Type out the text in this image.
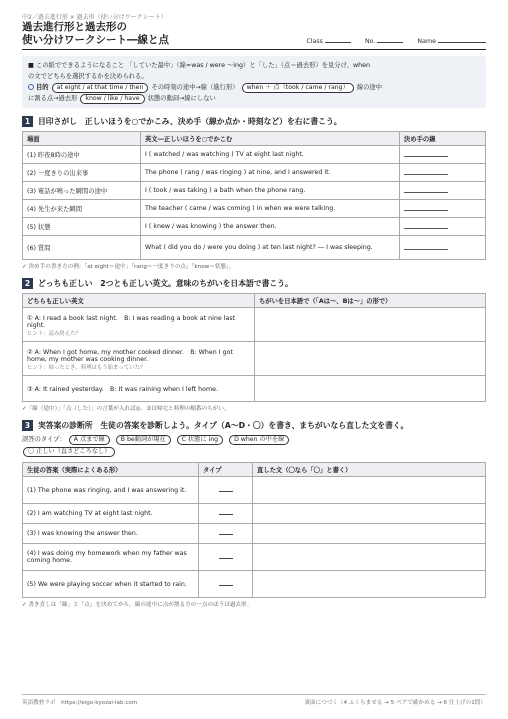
中2／過去進行形 × 過去形（使い分けワークシート）
過去進行形と過去形の
使い分けワークシート―線と点	Class	No.	Name
■ この紙でできるようになること 「していた最中」（線=was / were ～ing）と「した」（点＝過去形）を見分け、when
の文でどちらを選択するかを決められる。
目的 at eight / at that time / then その時刻の途中→線（進行形） when ＋ 点（took / came / rang） 線の途中
に割る点→過去形 know / like / have 状態の動詞→線にしない
1	目印さがし　正しいほうを○でかこみ、決め手（線か点か・時刻など）を右に書こう。
場面	英文―正しいほうを○でかこむ	決め手の線
(1) 昨夜8時の途中	I ( watched / was watching ) TV at eight last night.	
(2) 一度きりの出来事	The phone ( rang / was ringing ) at nine, and I answered it.	
(3) 電話が鳴った瞬間の途中	I ( took / was taking ) a bath when the phone rang.	
(4) 先生が来た瞬間	The teacher ( came / was coming ) in when we were talking.	
(5) 状態	I ( knew / was knowing ) the answer then.	
(6) 質問	What ( did you do / were you doing ) at ten last night? ― I was sleeping.	
✓ 決め手の書き方の例：「at eight＝途中」「rang＝一度きりの点」「know＝状態」。
2	どっちも正しい　2つとも正しい英文。意味のちがいを日本語で書こう。
どちらも正しい英文	ちがいを日本語で（「Aは～、Bは～」の形で）

① A: I read a book last night.　B: I was reading a book at nine last night.
ヒント：読み終えた？	

② A: When I got home, my mother cooked dinner.　B: When I got home, my mother was cooking dinner.
ヒント：帰ったとき、料理はもう始まっていた？	

③ A: It rained yesterday.　B: It was raining when I left home.	

✓「線（途中）」「点（した）」の言葉が入れば◎。②は帰宅と料理の順番のちがい。
3	実答案の診断所　生徒の答案を診断しよう。タイプ（A～D・〇）を書き、まちがいなら直した文を書く。
誤答のタイプ： A 点まで線	B be動詞が現在	C 状態に ing	D when の中を線
〇 正しい（直さどころなし）
生徒の答案（実際によくある形）	タイプ	直した文（〇なら「〇」と書く）
(1) The phone was ringing, and I was answering it.		
(2) I am watching TV at eight last night.		
(3) I was knowing the answer then.		
(4) I was doing my homework when my father was coming home.		
(5) We were playing soccer when it started to rain.		
✓ 書き直しは「線」と「点」を決めてから。線の途中に点が割る方の一点のほうは過去形。
英語教材ラボ　https://eigo-kyozai-lab.com	裏面につづく（4 ふくらませる → 5 ペアで確かめる → 6 仕上げの1問）
